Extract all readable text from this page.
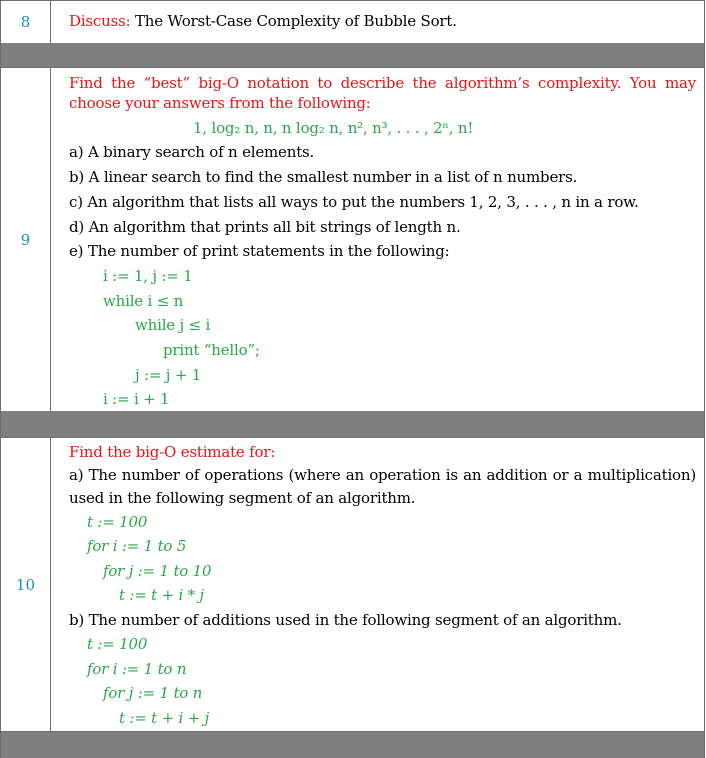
8	Discuss: The Worst-Case Complexity of Bubble Sort.
9
Find the “best” big-O notation to describe the algorithm’s complexity. You may
choose your answers from the following:
1, log₂ n, n, n log₂ n, n², n³, . . . , 2ⁿ, n!
a) A binary search of n elements.
b) A linear search to find the smallest number in a list of n numbers.
c) An algorithm that lists all ways to put the numbers 1, 2, 3, . . . , n in a row.
d) An algorithm that prints all bit strings of length n.
e) The number of print statements in the following:
i := 1, j := 1
while i ≤ n
while j ≤ i
print “hello”;
j := j + 1
i := i + 1
10
Find the big-O estimate for:
a) The number of operations (where an operation is an addition or a multiplication)
used in the following segment of an algorithm.
t := 100
for i := 1 to 5
for j := 1 to 10
t := t + i * j
b) The number of additions used in the following segment of an algorithm.
t := 100
for i := 1 to n
for j := 1 to n
t := t + i + j
